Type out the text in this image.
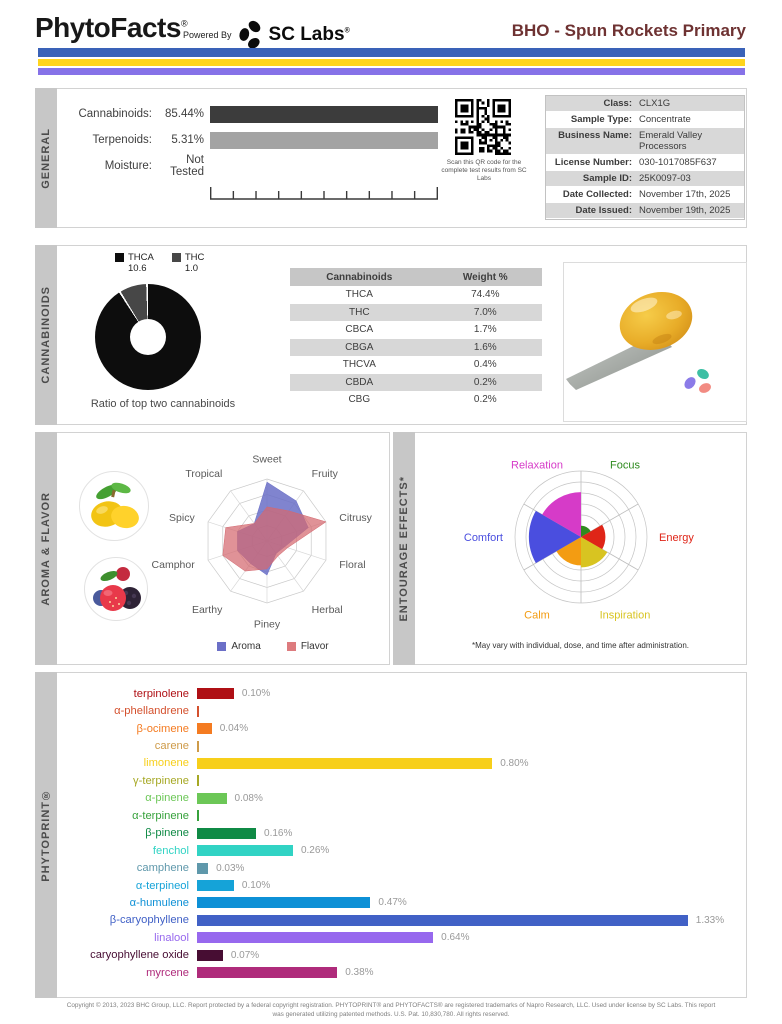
PhytoFacts®
Powered By SC Labs®	BHO - Spun Rockets Primary
GENERAL
Cannabinoids:	85.44%
Terpenoids:	5.31%
Moisture:	Not Tested
Scan this QR code for the complete test results from SC Labs
Class: CLX1G
Sample Type: Concentrate
Business Name: Emerald Valley Processors
License Number: 030-1017085F637
Sample ID: 25K0097-03
Date Collected: November 17th, 2025
Date Issued: November 19th, 2025
CANNABINOIDS
THCA
10.6
THC
1.0
Ratio of top two cannabinoids
Cannabinoids	Weight %
THCA	74.4%
THC	7.0%
CBCA	1.7%
CBGA	1.6%
THCVA	0.4%
CBDA	0.2%
CBG	0.2%
AROMA & FLAVOR
Sweet
Fruity
Citrusy
Floral
Herbal
Piney
Earthy
Camphor
Spicy
Tropical
Aroma	Flavor
ENTOURAGE EFFECTS*
Focus
Energy
Inspiration
Calm
Comfort
Relaxation
*May vary with individual, dose, and time after administration.
PHYTOPRINT®
terpinolene	0.10%
α-phellandrene
β-ocimene	0.04%
carene
limonene	0.80%
γ-terpinene
α-pinene	0.08%
α-terpinene
β-pinene	0.16%
fenchol	0.26%
camphene	0.03%
α-terpineol	0.10%
α-humulene	0.47%
β-caryophyllene	1.33%
linalool	0.64%
caryophyllene oxide	0.07%
myrcene	0.38%
Copyright © 2013, 2023 BHC Group, LLC. Report protected by a federal copyright registration. PHYTOPRINT® and PHYTOFACTS® are registered trademarks of Napro Research, LLC. Used under license by SC Labs. This report
was generated utilizing patented methods. U.S. Pat. 10,830,780. All rights reserved.
